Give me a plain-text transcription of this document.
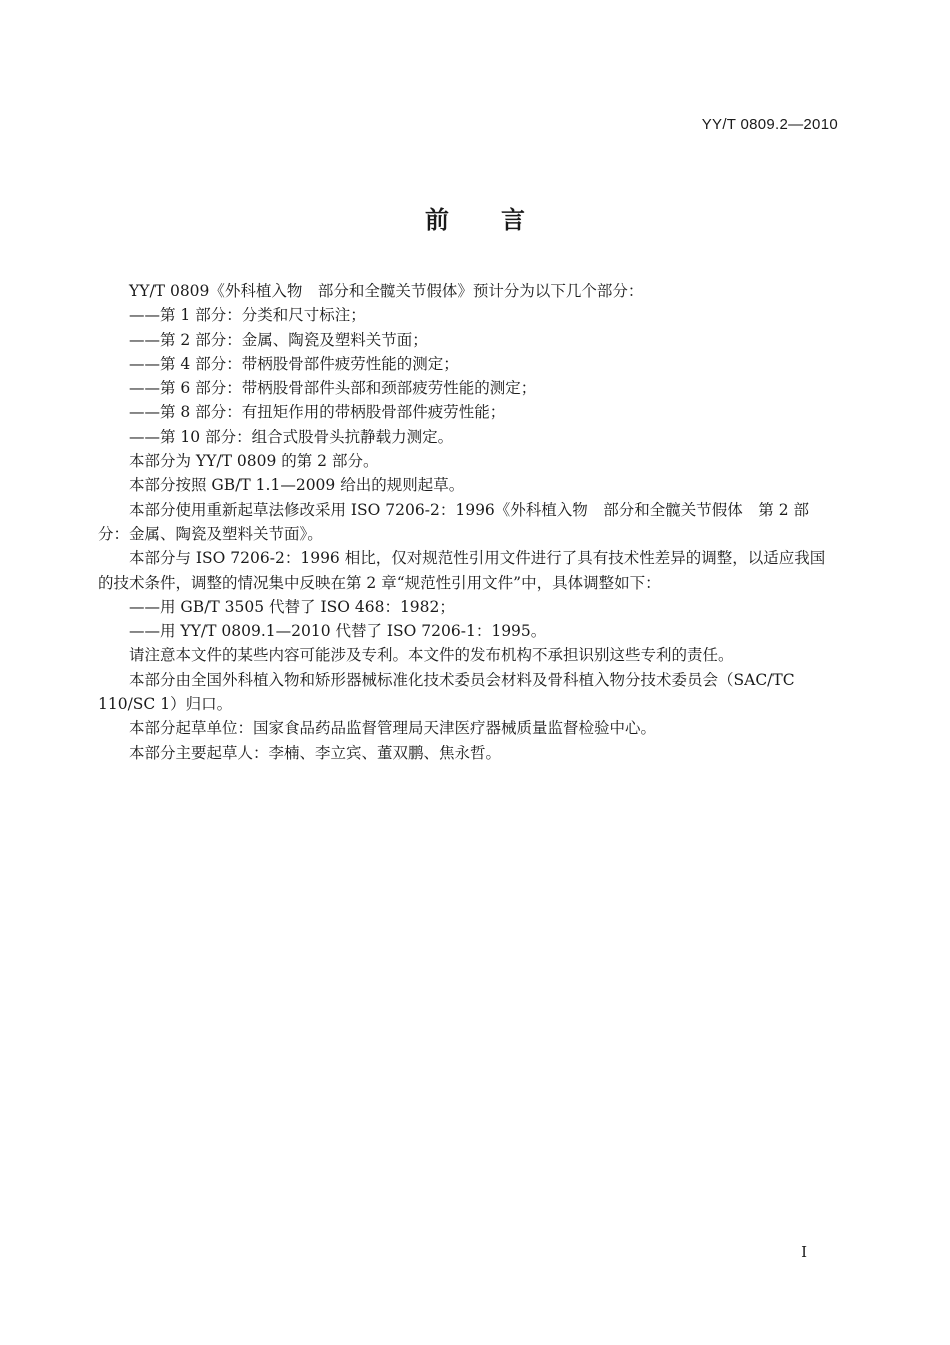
YY/T 0809.2—2010
前言

YY/T 0809《外科植入物　部分和全髋关节假体》预计分为以下几个部分：

——第 1 部分：分类和尺寸标注；

——第 2 部分：金属、陶瓷及塑料关节面；

——第 4 部分：带柄股骨部件疲劳性能的测定；

——第 6 部分：带柄股骨部件头部和颈部疲劳性能的测定；

——第 8 部分：有扭矩作用的带柄股骨部件疲劳性能；

——第 10 部分：组合式股骨头抗静载力测定。

本部分为 YY/T 0809 的第 2 部分。

本部分按照 GB/T 1.1—2009 给出的规则起草。

本部分使用重新起草法修改采用 ISO 7206-2：1996《外科植入物　部分和全髋关节假体　第 2 部分：金属、陶瓷及塑料关节面》。

本部分与 ISO 7206-2：1996 相比，仅对规范性引用文件进行了具有技术性差异的调整，以适应我国的技术条件，调整的情况集中反映在第 2 章“规范性引用文件”中，具体调整如下：

——用 GB/T 3505 代替了 ISO 468：1982；

——用 YY/T 0809.1—2010 代替了 ISO 7206-1：1995。

请注意本文件的某些内容可能涉及专利。本文件的发布机构不承担识别这些专利的责任。

本部分由全国外科植入物和矫形器械标准化技术委员会材料及骨科植入物分技术委员会（SAC/TC 110/SC 1）归口。

本部分起草单位：国家食品药品监督管理局天津医疗器械质量监督检验中心。

本部分主要起草人：李楠、李立宾、董双鹏、焦永哲。

I
